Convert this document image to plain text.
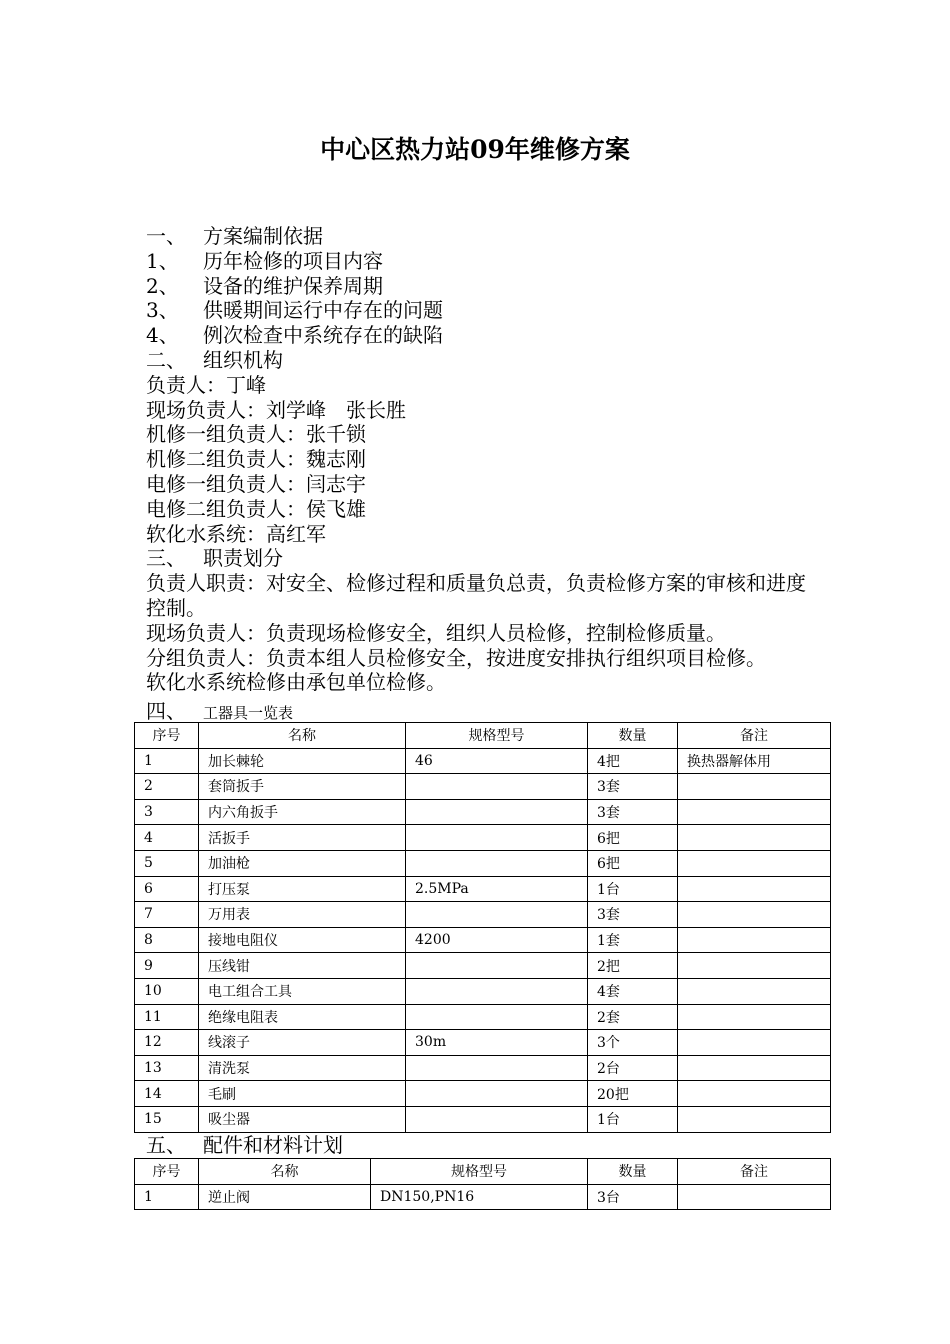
中心区热力站09年维修方案
一、 方案编制依据
1、 历年检修的项目内容
2、 设备的维护保养周期
3、 供暖期间运行中存在的问题
4、 例次检查中系统存在的缺陷
二、 组织机构
负责人：丁峰
现场负责人：刘学峰　张长胜
机修一组负责人：张千锁
机修二组负责人：魏志刚
电修一组负责人：闫志宇
电修二组负责人：侯飞雄
软化水系统：高红军
三、 职责划分
负责人职责：对安全、检修过程和质量负总责，负责检修方案的审核和进度控制。
现场负责人：负责现场检修安全，组织人员检修，控制检修质量。
分组负责人：负责本组人员检修安全，按进度安排执行组织项目检修。
软化水系统检修由承包单位检修。
四、 工器具一览表
序号	名称	规格型号	数量	备注
1	加长棘轮	46	4把	换热器解体用
2	套筒扳手		3套	
3	内六角扳手		3套	
4	活扳手		6把	
5	加油枪		6把	
6	打压泵	2.5MPa	1台	
7	万用表		3套	
8	接地电阻仪	4200	1套	
9	压线钳		2把	
10	电工组合工具		4套	
11	绝缘电阻表		2套	
12	线滚子	30m	3个	
13	清洗泵		2台	
14	毛刷		20把	
15	吸尘器		1台	
五、 配件和材料计划
序号	名称	规格型号	数量	备注
1	逆止阀	DN150,PN16	3台	
